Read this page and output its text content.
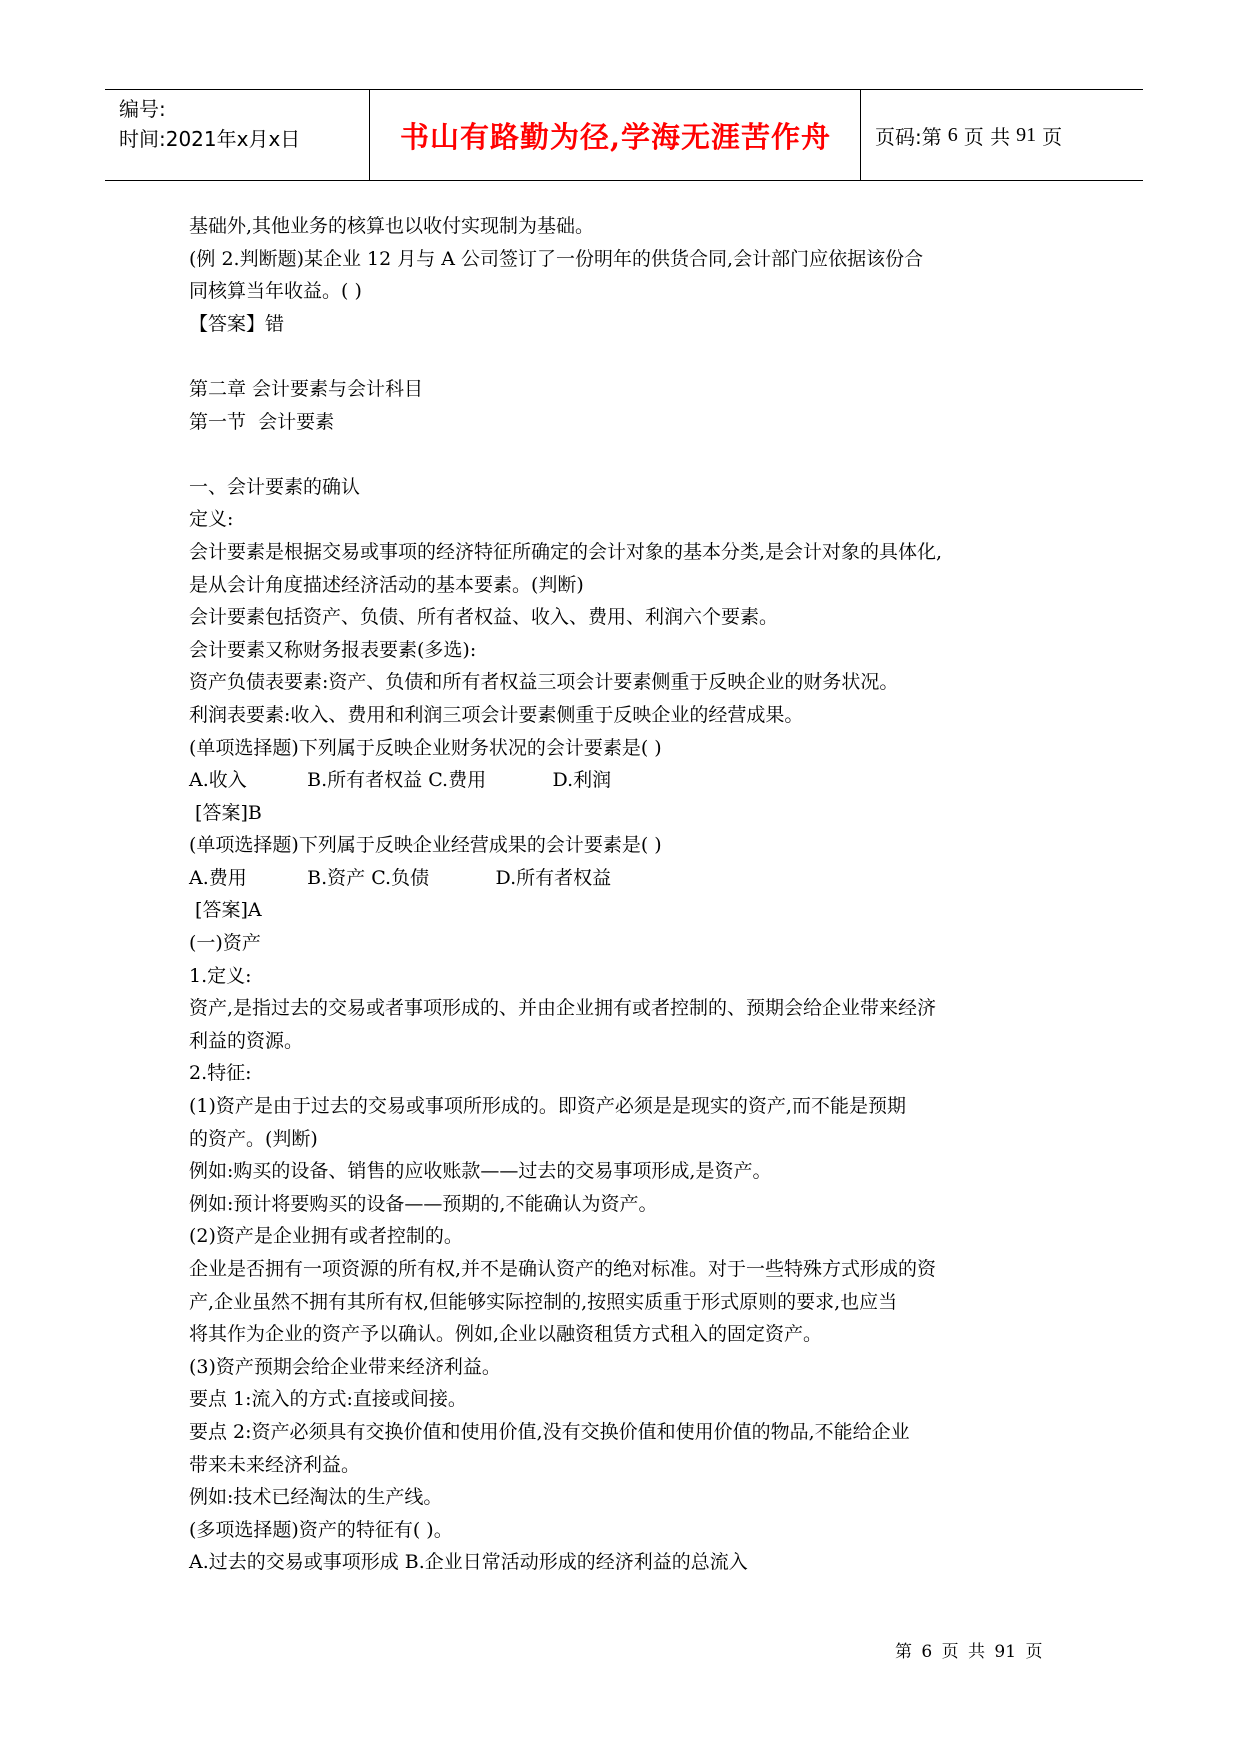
编号:
时间:2021年x月x日	书山有路勤为径,学海无涯苦作舟	页码:第 6 页 共 91 页

基础外,其他业务的核算也以收付实现制为基础。

(例 2.判断题)某企业 12 月与 A 公司签订了一份明年的供货合同,会计部门应依据该份合

同核算当年收益。( )

【答案】错

第二章 会计要素与会计科目

第一节  会计要素

一、会计要素的确认

定义:

会计要素是根据交易或事项的经济特征所确定的会计对象的基本分类,是会计对象的具体化,

是从会计角度描述经济活动的基本要素。(判断)

会计要素包括资产、负债、所有者权益、收入、费用、利润六个要素。

会计要素又称财务报表要素(多选):

资产负债表要素:资产、负债和所有者权益三项会计要素侧重于反映企业的财务状况。

利润表要素:收入、费用和利润三项会计要素侧重于反映企业的经营成果。

(单项选择题)下列属于反映企业财务状况的会计要素是( )

A.收入          B.所有者权益 C.费用           D.利润

[答案]B

(单项选择题)下列属于反映企业经营成果的会计要素是( )

A.费用          B.资产 C.负债           D.所有者权益

[答案]A

(一)资产

1.定义:

资产,是指过去的交易或者事项形成的、并由企业拥有或者控制的、预期会给企业带来经济

利益的资源。

2.特征:

(1)资产是由于过去的交易或事项所形成的。即资产必须是是现实的资产,而不能是预期

的资产。(判断)

例如:购买的设备、销售的应收账款——过去的交易事项形成,是资产。

例如:预计将要购买的设备——预期的,不能确认为资产。

(2)资产是企业拥有或者控制的。

企业是否拥有一项资源的所有权,并不是确认资产的绝对标准。对于一些特殊方式形成的资

产,企业虽然不拥有其所有权,但能够实际控制的,按照实质重于形式原则的要求,也应当

将其作为企业的资产予以确认。例如,企业以融资租赁方式租入的固定资产。

(3)资产预期会给企业带来经济利益。

要点 1:流入的方式:直接或间接。

要点 2:资产必须具有交换价值和使用价值,没有交换价值和使用价值的物品,不能给企业

带来未来经济利益。

例如:技术已经淘汰的生产线。

(多项选择题)资产的特征有( )。

A.过去的交易或事项形成 B.企业日常活动形成的经济利益的总流入

第 6 页 共 91 页
